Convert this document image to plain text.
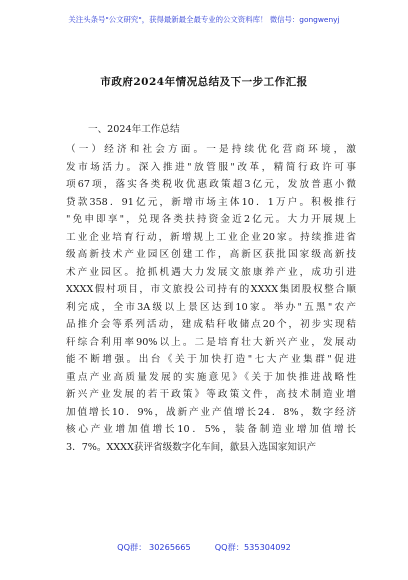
关注头条号"公文研究"，获得最新最全最专业的公文资料库！ 微信号：gongwenyj
市政府2024年情况总结及下一步工作汇报
一、2024年工作总结
（一）经济和社会方面。一是持续优化营商环境，激
发市场活力。深入推进"放管服"改革，精简行政许可事
项67项，落实各类税收优惠政策超3亿元，发放普惠小微
贷款358．91亿元，新增市场主体10．1万户。积极推行
"免申即享"，兑现各类扶持资金近2亿元。大力开展规上
工业企业培育行动，新增规上工业企业20家。持续推进省
级高新技术产业园区创建工作，高新区获批国家级高新技
术产业园区。抢抓机遇大力发展文旅康养产业，成功引进
XXXX假村项目，市文旅投公司持有的XXXX集团股权整合顺
利完成，全市3A级以上景区达到10家。举办"五黑"农产
品推介会等系列活动，建成秸秆收储点20个，初步实现秸
秆综合利用率90%以上。二是培育壮大新兴产业，发展动
能不断增强。出台《关于加快打造"七大产业集群"促进
重点产业高质量发展的实施意见》《关于加快推进战略性
新兴产业发展的若干政策》等政策文件，高技术制造业增
加值增长10．9%，战新产业产值增长24．8%，数字经济
核心产业增加值增长10．5%，装备制造业增加值增长
3．7%。XXXX获评省级数字化车间，歙县入选国家知识产
QQ群： 30265665	QQ群：535304092
